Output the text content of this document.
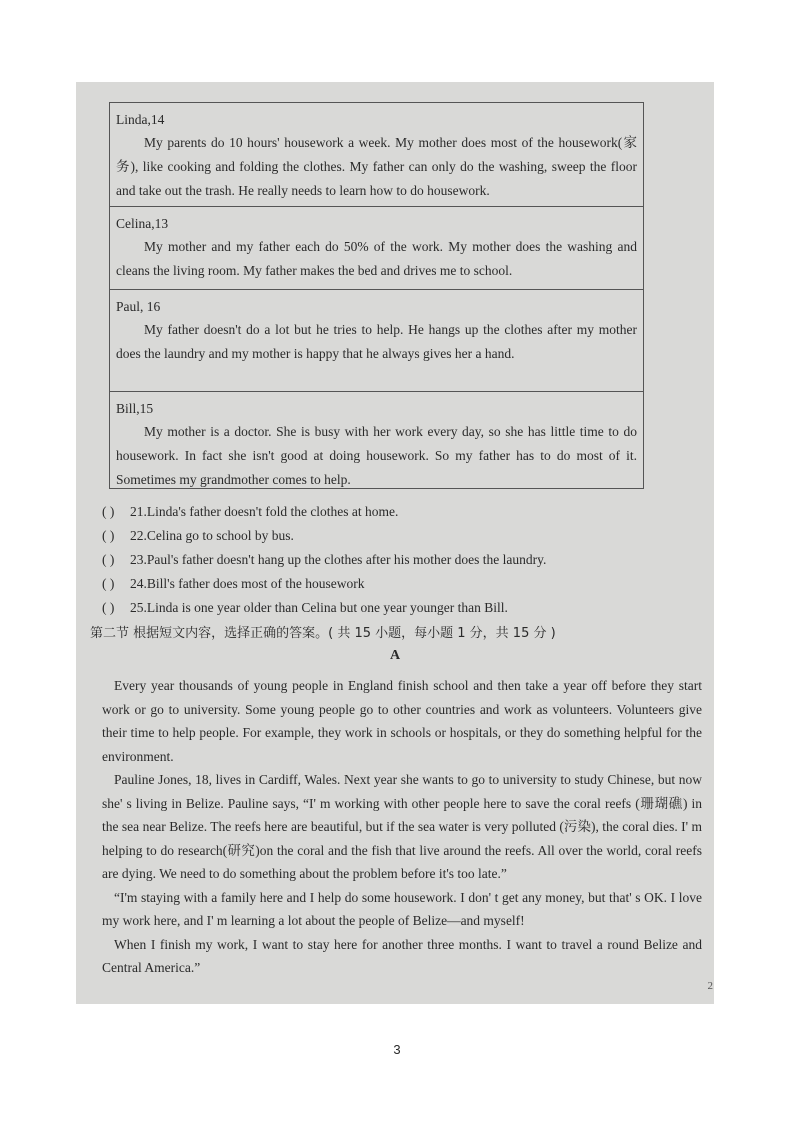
Linda,14
My parents do 10 hours' housework a week. My mother does most of the housework(家务), like cooking and folding the clothes. My father can only do the washing, sweep the floor and take out the trash. He really needs to learn how to do housework.
Celina,13
My mother and my father each do 50% of the work. My mother does the washing and cleans the living room. My father makes the bed and drives me to school.
Paul, 16
My father doesn't do a lot but he tries to help. He hangs up the clothes after my mother does the laundry and my mother is happy that he always gives her a hand.
Bill,15
My mother is a doctor. She is busy with her work every day, so she has little time to do housework. In fact she isn't good at doing housework. So my father has to do most of it. Sometimes my grandmother comes to help.
( ) 21.Linda's father doesn't fold the clothes at home.
( ) 22.Celina go to school by bus.
( ) 23.Paul's father doesn't hang up the clothes after his mother does the laundry.
( ) 24.Bill's father does most of the housework
( ) 25.Linda is one year older than Celina but one year younger than Bill.
第二节 根据短文内容，选择正确的答案。( 共 15 小题，每小题 1 分，共 15 分 )
A

Every year thousands of young people in England finish school and then take a year off before they start work or go to university. Some young people go to other countries and work as volunteers. Volunteers give their time to help people. For example, they work in schools or hospitals, or they do something helpful for the environment.

Pauline Jones, 18, lives in Cardiff, Wales. Next year she wants to go to university to study Chinese, but now she' s living in Belize. Pauline says, “I' m working with other people here to save the coral reefs (珊瑚礁) in the sea near Belize. The reefs here are beautiful, but if the sea water is very polluted (污染), the coral dies. I' m helping to do research(研究)on the coral and the fish that live around the reefs. All over the world, coral reefs are dying. We need to do something about the problem before it's too late.”

“I'm staying with a family here and I help do some housework. I don' t get any money, but that' s OK. I love my work here, and I' m learning a lot about the people of Belize—and myself!

When I finish my work, I want to stay here for another three months. I want to travel a round Belize and Central America.”

2
3
